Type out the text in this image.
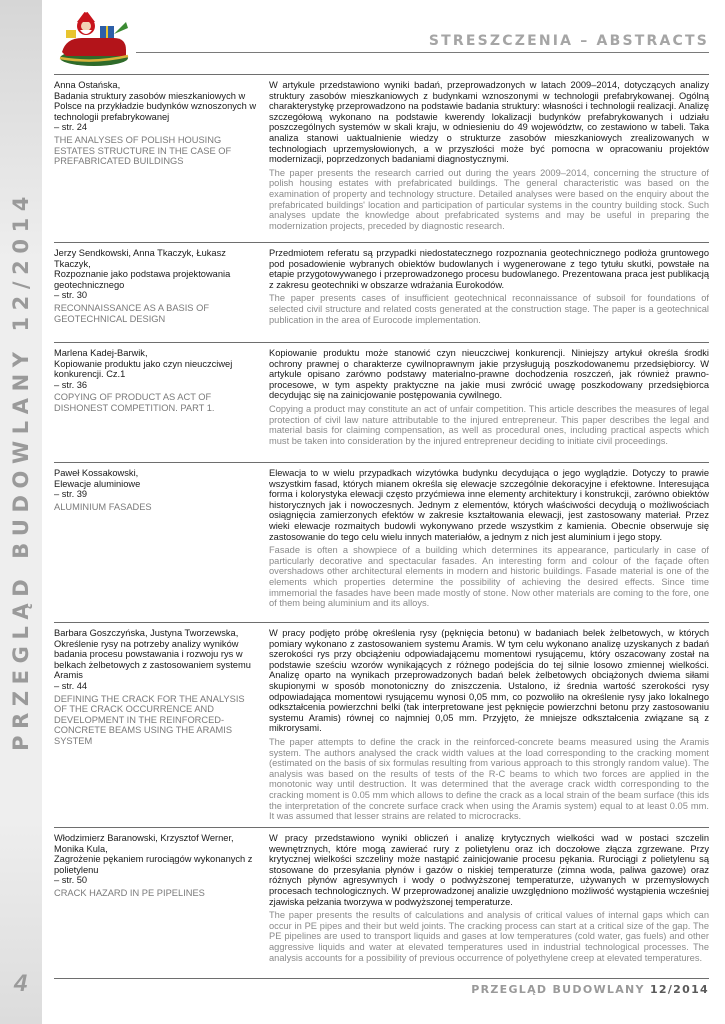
PRZEGLĄD BUDOWLANY 12/2014
4
STRESZCZENIA – ABSTRACTS
Anna Ostańska,
Badania struktury zasobów mieszkaniowych w Polsce na przykładzie budynków wznoszonych w technologii prefabrykowanej
– str. 24
THE ANALYSES OF POLISH HOUSING ESTATES STRUCTURE IN THE CASE OF PREFABRICATED BUILDINGS
W artykule przedstawiono wyniki badań, przeprowadzonych w latach 2009–2014, dotyczących analizy struktury zasobów mieszkaniowych z budynkami wznoszonymi w technologii prefabrykowanej. Ogólną charakterystykę przeprowadzono na podstawie badania struktury: własności i technologii realizacji. Analizę szczegółową wykonano na podstawie kwerendy lokalizacji budynków prefabrykowanych i udziału poszczególnych systemów w skali kraju, w odniesieniu do 49 województw, co zestawiono w tabeli. Taka analiza stanowi uaktualnienie wiedzy o strukturze zasobów mieszkaniowych zrealizowanych w technologiach uprzemysłowionych, a w przyszłości może być pomocna w opracowaniu projektów modernizacji, poprzedzonych badaniami diagnostycznymi.
The paper presents the research carried out during the years 2009–2014, concerning the structure of polish housing estates with prefabricated buildings. The general characteristic was based on the examination of property and technology structure. Detailed analyses were based on the enquiry about the prefabricated buildings' location and participation of particular systems in the country building stock. Such analyses update the knowledge about prefabricated systems and may be useful in preparing the modernization projects, preceded by diagnostic research.
Jerzy Sendkowski, Anna Tkaczyk, Łukasz Tkaczyk,
Rozpoznanie jako podstawa projektowania geotechnicznego
– str. 30
RECONNAISSANCE AS A BASIS OF GEOTECHNICAL DESIGN
Przedmiotem referatu są przypadki niedostatecznego rozpoznania geotechnicznego podłoża gruntowego pod posadowienie wybranych obiektów budowlanych i wygenerowane z tego tytułu skutki, powstałe na etapie przygotowywanego i przeprowadzonego procesu budowlanego. Prezentowana praca jest publikacją z zakresu geotechniki w obszarze wdrażania Eurokodów.
The paper presents cases of insufficient geotechnical reconnaissance of subsoil for foundations of selected civil structure and related costs generated at the construction stage. The paper is a geotechnical publication in the area of Eurocode implementation.
Marlena Kadej-Barwik,
Kopiowanie produktu jako czyn nieuczciwej konkurencji. Cz.1
– str. 36
COPYING OF PRODUCT AS ACT OF DISHONEST COMPETITION. PART 1.
Kopiowanie produktu może stanowić czyn nieuczciwej konkurencji. Niniejszy artykuł określa środki ochrony prawnej o charakterze cywilnoprawnym jakie przysługują poszkodowanemu przedsiębiorcy. W artykule opisano zarówno podstawy materialno-prawne dochodzenia roszczeń, jak również prawno-procesowe, w tym aspekty praktyczne na jakie musi zwrócić uwagę poszkodowany przedsiębiorca decydując się na zainicjowanie postępowania cywilnego.
Copying a product may constitute an act of unfair competition. This article describes the measures of legal protection of civil law nature attributable to the injured entrepreneur. This paper describes the legal and material basis for claiming compensation, as well as procedural ones, including practical aspects which must be taken into consideration by the injured entrepreneur deciding to initiate civil proceedings.
Paweł Kossakowski,
Elewacje aluminiowe
– str. 39
ALUMINIUM FASADES
Elewacja to w wielu przypadkach wizytówka budynku decydująca o jego wyglądzie. Dotyczy to prawie wszystkim fasad, których mianem określa się elewacje szczególnie dekoracyjne i efektowne. Interesująca forma i kolorystyka elewacji często przyćmiewa inne elementy architektury i konstrukcji, zarówno obiektów historycznych jak i nowoczesnych. Jednym z elementów, których właściwości decydują o możliwościach osiągnięcia zamierzonych efektów w zakresie kształtowania elewacji, jest zastosowany materiał. Przez wieki elewacje rozmaitych budowli wykonywano przede wszystkim z kamienia. Obecnie obserwuje się zastosowanie do tego celu wielu innych materiałów, a jednym z nich jest aluminium i jego stopy.
Fasade is often a showpiece of a building which determines its appearance, particularly in case of particularly decorative and spectacular fasades. An interesting form and colour of the façade often overshadows other architectural elements in modern and historic buildings. Fasade material is one of the elements which properties determine the possibility of achieving the desired effects. Since time immemorial the fasades have been made mostly of stone. Now other materials are coming to the fore, one of them being aluminium and its alloys.
Barbara Goszczyńska, Justyna Tworzewska,
Określenie rysy na potrzeby analizy wyników badania procesu powstawania i rozwoju rys w belkach żelbetowych z zastosowaniem systemu Aramis
– str. 44
DEFINING THE CRACK FOR THE ANALYSIS OF THE CRACK OCCURRENCE AND DEVELOPMENT IN THE REINFORCED-CONCRETE BEAMS USING THE ARAMIS SYSTEM
W pracy podjęto próbę określenia rysy (pęknięcia betonu) w badaniach belek żelbetowych, w których pomiary wykonano z zastosowaniem systemu Aramis. W tym celu wykonano analizę uzyskanych z badań szerokości rys przy obciążeniu odpowiadającemu momentowi rysującemu, który oszacowany został na podstawie sześciu wzorów wynikających z różnego podejścia do tej silnie losowo zmiennej wielkości. Analizę oparto na wynikach przeprowadzonych badań belek żelbetowych obciążonych dwiema siłami skupionymi w sposób monotoniczny do zniszczenia. Ustalono, iż średnia wartość szerokości rysy odpowiadająca momentowi rysującemu wynosi 0,05 mm, co pozwoliło na określenie rysy jako lokalnego odkształcenia powierzchni belki (tak interpretowane jest pęknięcie powierzchni betonu przy zastosowaniu systemu Aramis) równej co najmniej 0,05 mm. Przyjęto, że mniejsze odkształcenia związane są z mikrorysami.
The paper attempts to define the crack in the reinforced-concrete beams measured using the Aramis system. The authors analysed the crack width values at the load corresponding to the cracking moment (estimated on the basis of six formulas resulting from various approach to this strongly random value). The analysis was based on the results of tests of the R-C beams to which two forces are applied in the monotonic way until destruction. It was determined that the average crack width corresponding to the cracking moment is 0.05 mm which allows to define the crack as a local strain of the beam surface (this ids the interpretation of the concrete surface crack when using the Aramis system) equal to at least 0.05 mm. It was assumed that lesser strains are related to microcracks.
Włodzimierz Baranowski, Krzysztof Werner, Monika Kula,
Zagrożenie pękaniem rurociągów wykonanych z polietylenu
– str. 50
CRACK HAZARD IN PE PIPELINES
W pracy przedstawiono wyniki obliczeń i analizę krytycznych wielkości wad w postaci szczelin wewnętrznych, które mogą zawierać rury z polietylenu oraz ich doczołowe złącza zgrzewane. Przy krytycznej wielkości szczeliny może nastąpić zainicjowanie procesu pękania. Rurociągi z polietylenu są stosowane do przesyłania płynów i gazów o niskiej temperaturze (zimna woda, paliwa gazowe) oraz różnych płynów agresywnych i wody o podwyższonej temperaturze, używanych w przemysłowych procesach technologicznych. W przeprowadzonej analizie uwzględniono możliwość wystąpienia wcześniej zjawiska pełzania tworzywa w podwyższonej temperaturze.
The paper presents the results of calculations and analysis of critical values of internal gaps which can occur in PE pipes and their but weld joints. The cracking process can start at a critical size of the gap. The PE pipelines are used to transport liquids and gases at low temperatures (cold water, gas fuels) and other aggressive liquids and water at elevated temperatures used in industrial technological processes. The analysis accounts for a possibility of previous occurrence of polyethylene creep at elevated temperatures.
PRZEGLĄD BUDOWLANY 12/2014
